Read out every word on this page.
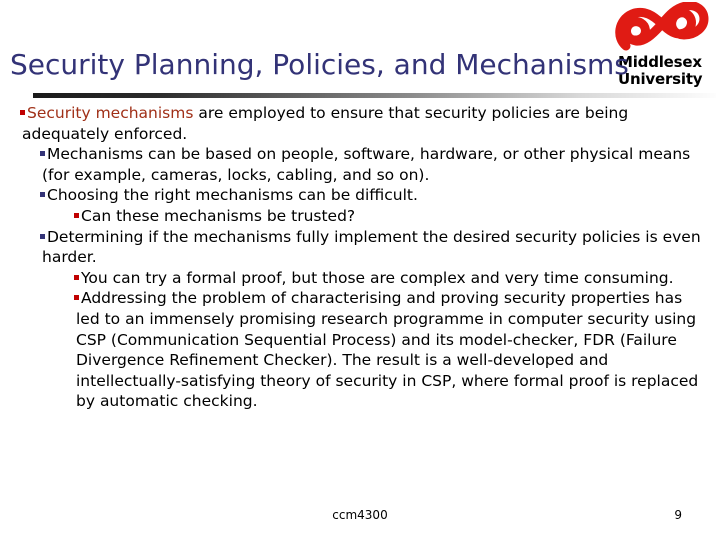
Middlesex
University
Security Planning, Policies, and Mechanisms
Security mechanisms are employed to ensure that security policies are being adequately enforced.
Mechanisms can be based on people, software, hardware, or other physical means (for example, cameras, locks, cabling, and so on).
Choosing the right mechanisms can be difficult.
Can these mechanisms be trusted?
Determining if the mechanisms fully implement the desired security policies is even harder.
You can try a formal proof, but those are complex and very time consuming.
Addressing the problem of characterising and proving security properties has led to an immensely promising research programme in computer security using CSP (Communication Sequential Process) and its model-checker, FDR (Failure Divergence Refinement Checker). The result is a well-developed and intellectually-satisfying theory of security in CSP, where formal proof is replaced by automatic checking.
ccm4300	9
